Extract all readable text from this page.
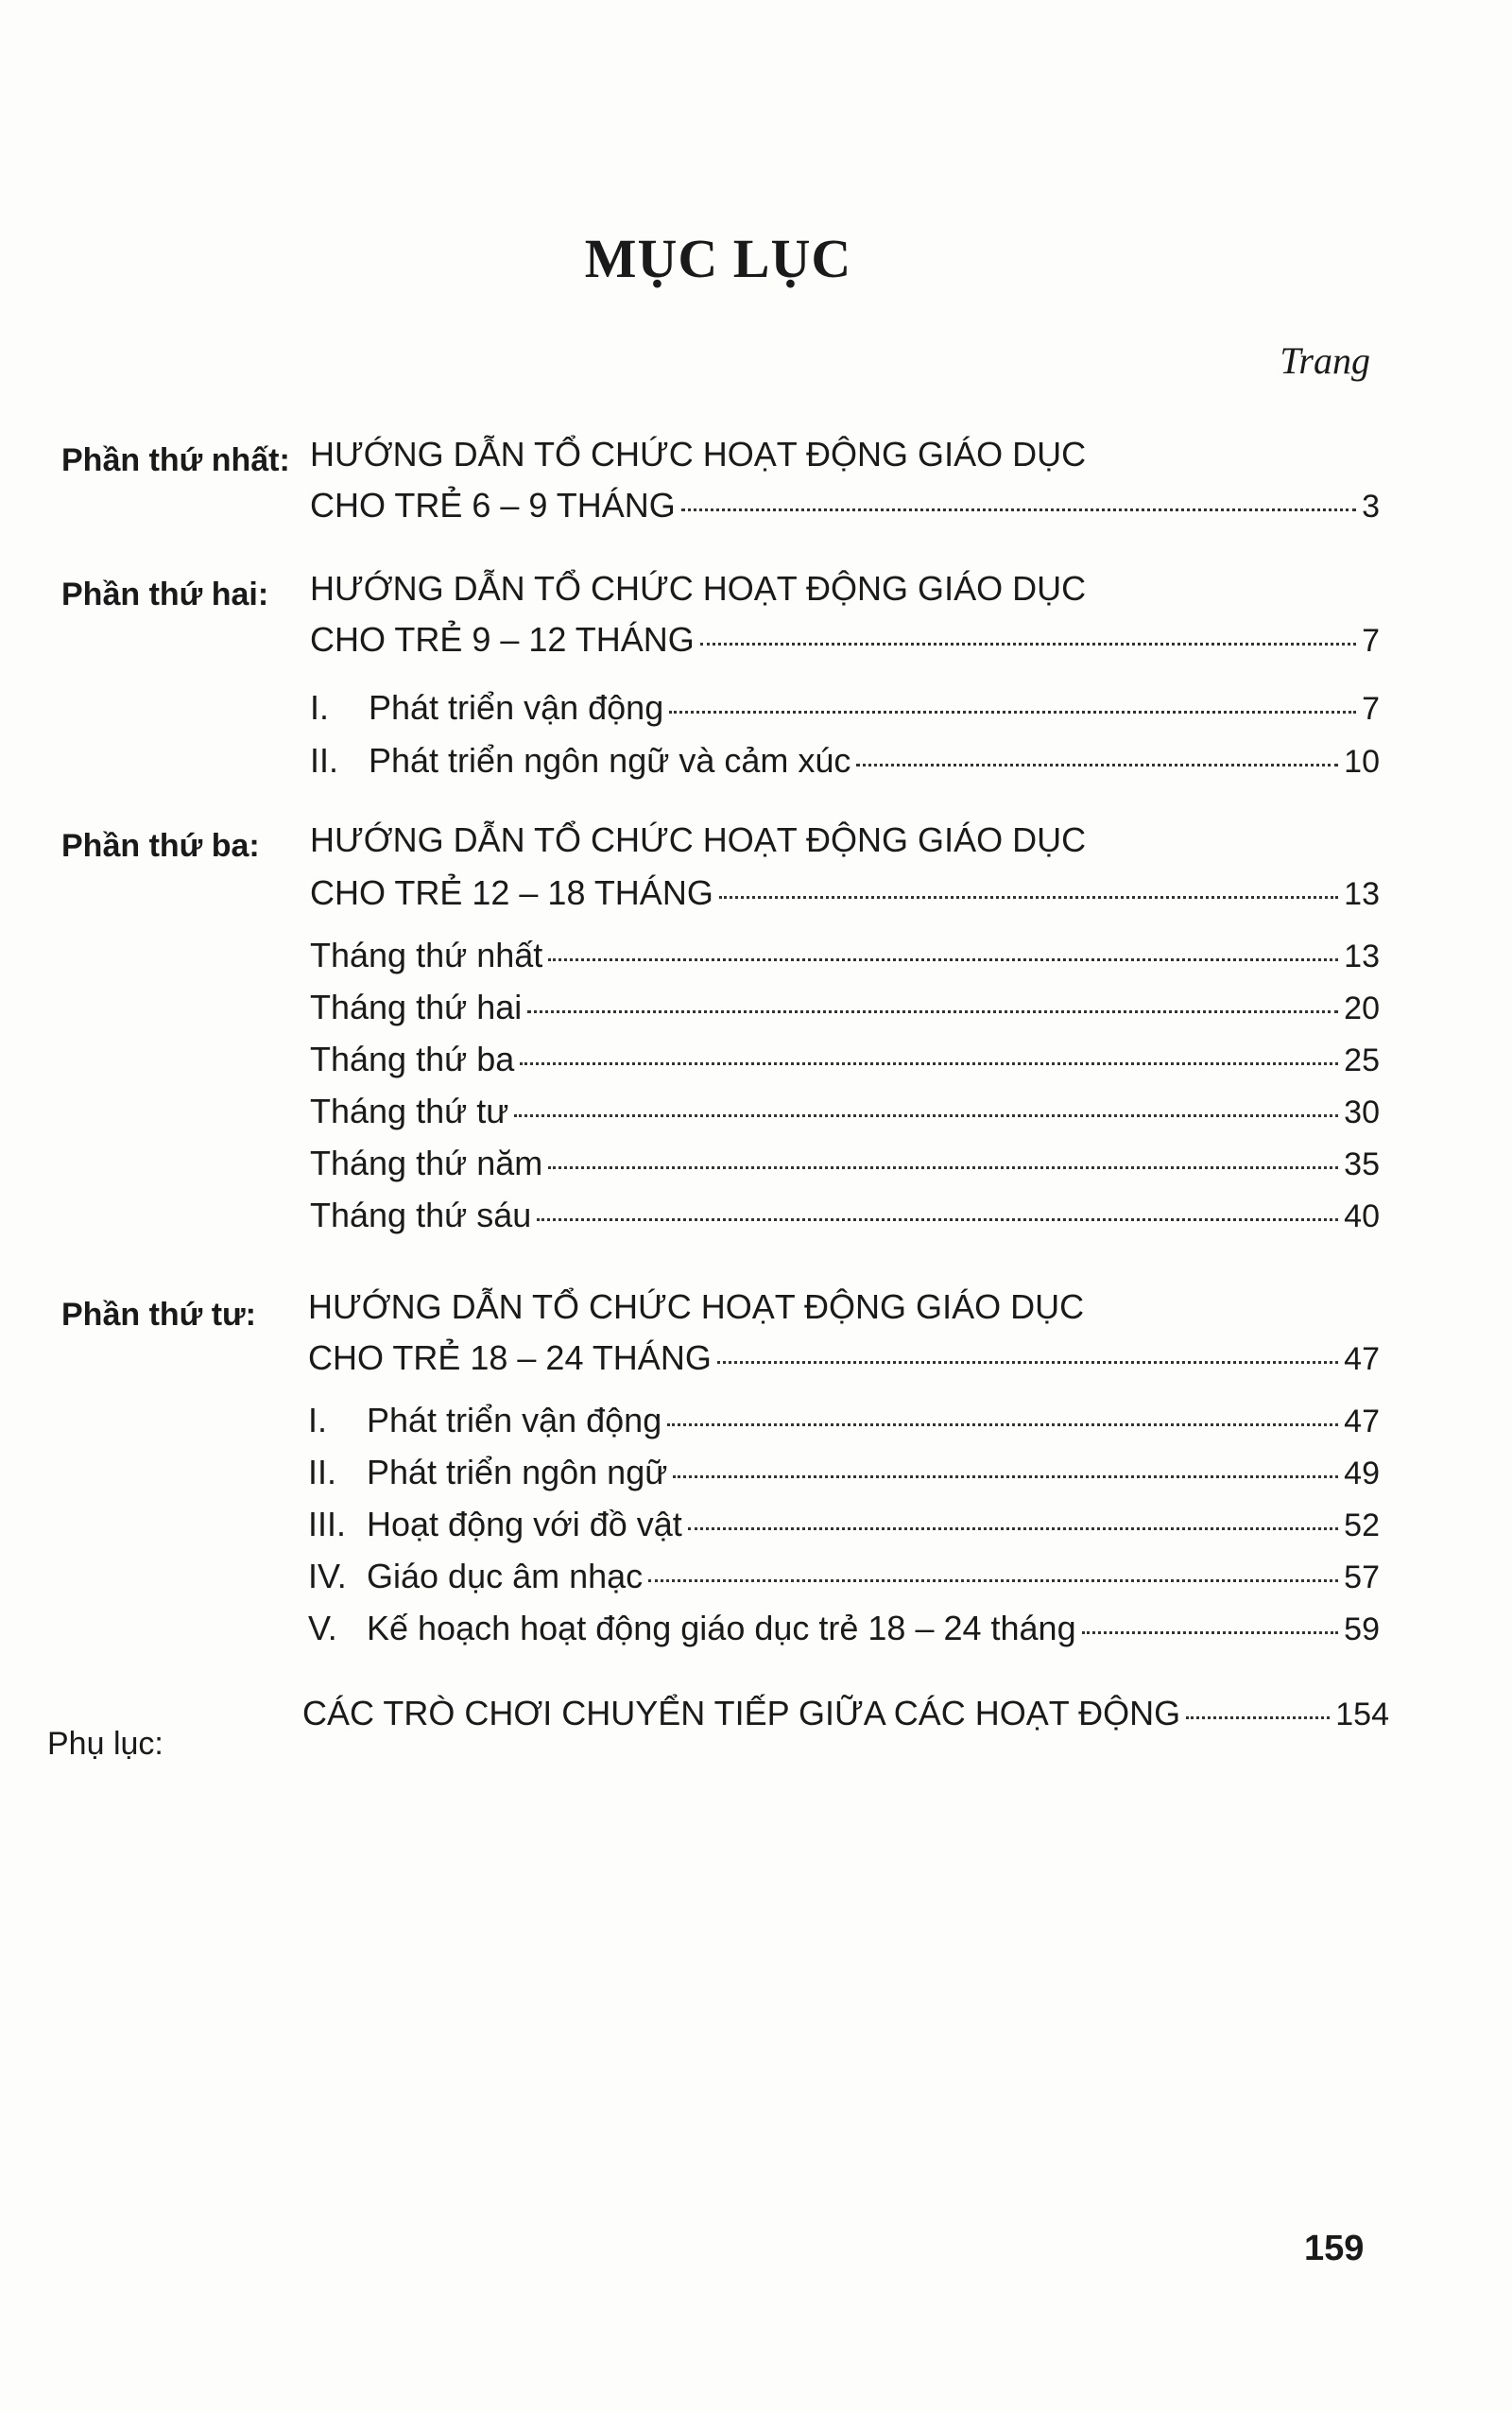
MỤC LỤC
Trang
Phần thứ nhất: HƯỚNG DẪN TỔ CHỨC HOẠT ĐỘNG GIÁO DỤC
CHO TRẺ 6 – 9 THÁNG	3
Phần thứ hai: HƯỚNG DẪN TỔ CHỨC HOẠT ĐỘNG GIÁO DỤC
CHO TRẺ 9 – 12 THÁNG	7
I.	Phát triển vận động	7
II. Phát triển ngôn ngữ và cảm xúc	10
Phần thứ ba: HƯỚNG DẪN TỔ CHỨC HOẠT ĐỘNG GIÁO DỤC
CHO TRẺ 12 – 18 THÁNG	13
Tháng thứ nhất	13
Tháng thứ hai	20
Tháng thứ ba	25
Tháng thứ tư	30
Tháng thứ năm	35
Tháng thứ sáu	40
Phần thứ tư: HƯỚNG DẪN TỔ CHỨC HOẠT ĐỘNG GIÁO DỤC
CHO TRẺ 18 – 24 THÁNG	47
I.	Phát triển vận động	47
II. Phát triển ngôn ngữ	49
III. Hoạt động với đồ vật	52
IV. Giáo dục âm nhạc	57
V. Kế hoạch hoạt động giáo dục trẻ 18 – 24 tháng	59
Phụ lục:
CÁC TRÒ CHƠI CHUYỂN TIẾP GIỮA CÁC HOẠT ĐỘNG	154
159
